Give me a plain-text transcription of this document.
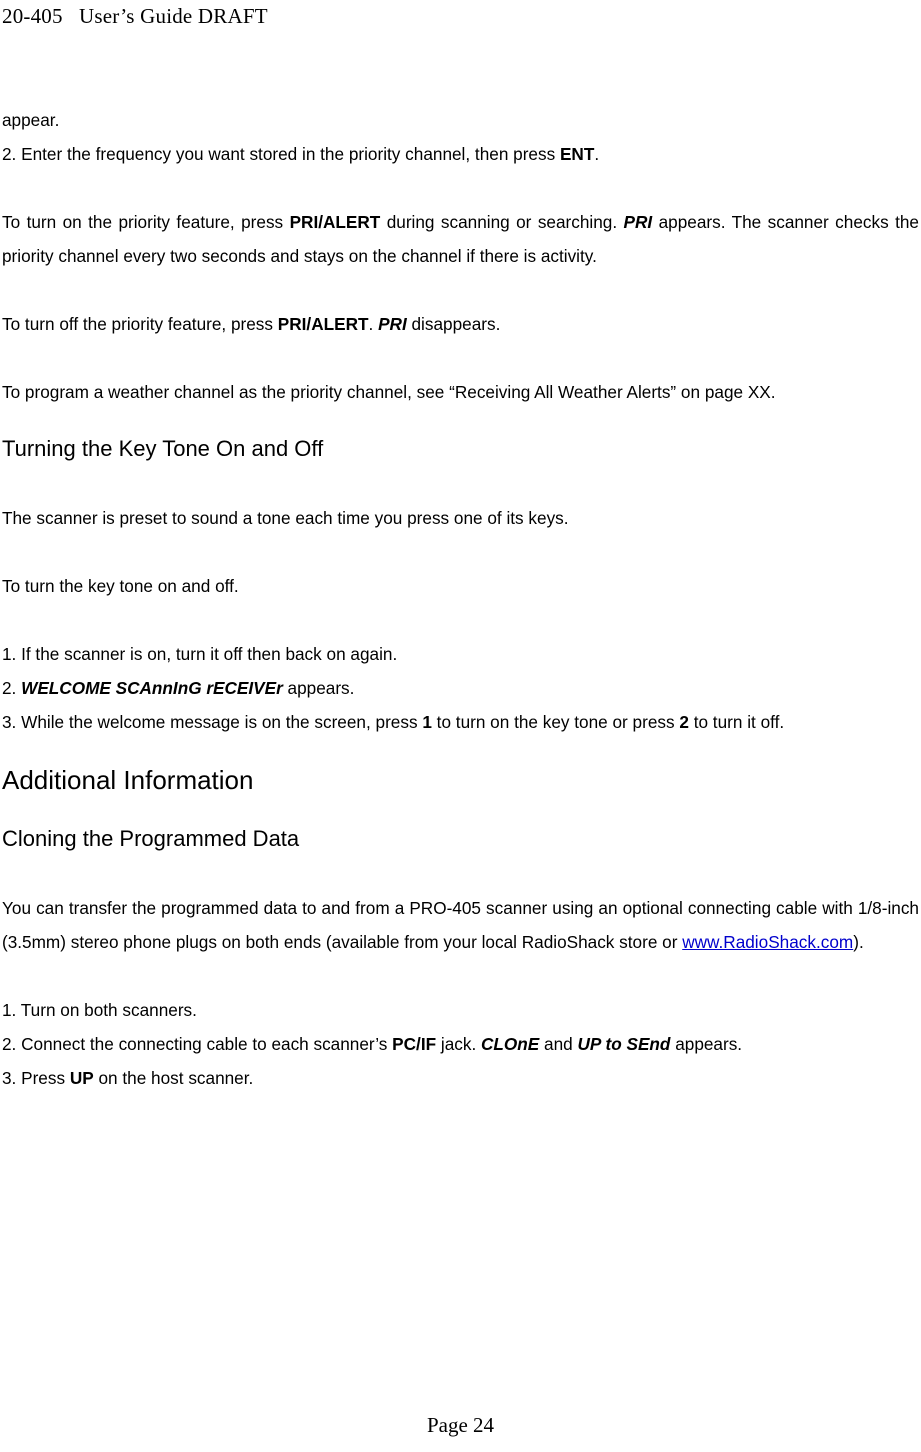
20-405   User’s Guide DRAFT

appear.

2. Enter the frequency you want stored in the priority channel, then press ENT.

To turn on the priority feature, press PRI/ALERT during scanning or searching. PRI appears. The scanner checks the priority channel every two seconds and stays on the channel if there is activity.

To turn off the priority feature, press PRI/ALERT. PRI disappears.

To program a weather channel as the priority channel, see “Receiving All Weather Alerts” on page XX.

Turning the Key Tone On and Off

The scanner is preset to sound a tone each time you press one of its keys.

To turn the key tone on and off.

1. If the scanner is on, turn it off then back on again.

2. WELCOME SCAnnInG rECEIVEr appears.

3. While the welcome message is on the screen, press 1 to turn on the key tone or press 2 to turn it off.

Additional Information
Cloning the Programmed Data

You can transfer the programmed data to and from a PRO-405 scanner using an optional connecting cable with 1/8-inch (3.5mm) stereo phone plugs on both ends (available from your local RadioShack store or www.RadioShack.com).

1. Turn on both scanners.

2. Connect the connecting cable to each scanner’s PC/IF jack. CLOnE and UP to SEnd appears.

3. Press UP on the host scanner.

Page 24
